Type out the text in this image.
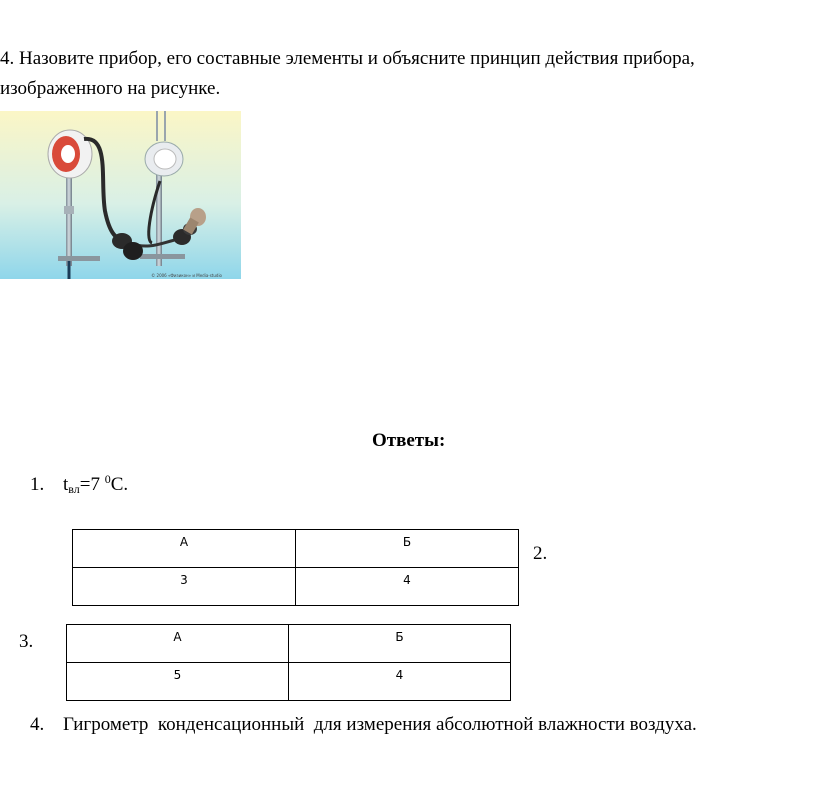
4. Назовите прибор, его составные элементы и объясните принцип действия прибора,
изображенного на рисунке.
© 2006 «Физикон» и Media-studio
Ответы:
1. tвл=7 $^0$C.
А	Б
3	4
2.
3.	А	Б
5	4
4. Гигрометр  конденсационный  для измерения абсолютной влажности воздуха.
